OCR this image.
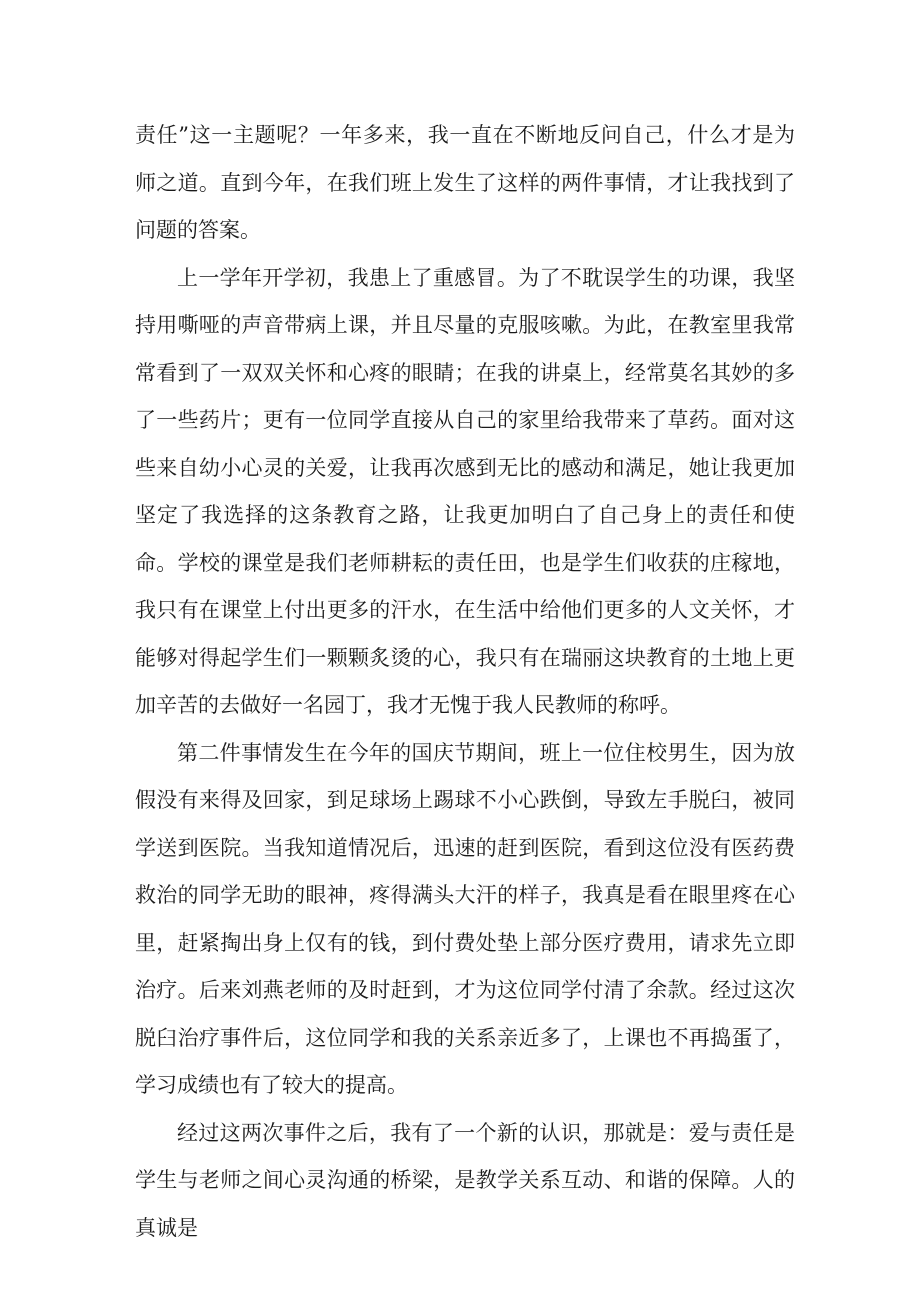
责任”这一主题呢？一年多来，我一直在不断地反问自己，什么才是为师之道。直到今年，在我们班上发生了这样的两件事情，才让我找到了问题的答案。

上一学年开学初，我患上了重感冒。为了不耽误学生的功课，我坚持用嘶哑的声音带病上课，并且尽量的克服咳嗽。为此，在教室里我常常看到了一双双关怀和心疼的眼睛；在我的讲桌上，经常莫名其妙的多了一些药片；更有一位同学直接从自己的家里给我带来了草药。面对这些来自幼小心灵的关爱，让我再次感到无比的感动和满足，她让我更加坚定了我选择的这条教育之路，让我更加明白了自己身上的责任和使命。学校的课堂是我们老师耕耘的责任田，也是学生们收获的庄稼地，我只有在课堂上付出更多的汗水，在生活中给他们更多的人文关怀，才能够对得起学生们一颗颗炙烫的心，我只有在瑞丽这块教育的土地上更加辛苦的去做好一名园丁，我才无愧于我人民教师的称呼。

第二件事情发生在今年的国庆节期间，班上一位住校男生，因为放假没有来得及回家，到足球场上踢球不小心跌倒，导致左手脱臼，被同学送到医院。当我知道情况后，迅速的赶到医院，看到这位没有医药费救治的同学无助的眼神，疼得满头大汗的样子，我真是看在眼里疼在心里，赶紧掏出身上仅有的钱，到付费处垫上部分医疗费用，请求先立即治疗。后来刘燕老师的及时赶到，才为这位同学付清了余款。经过这次脱臼治疗事件后，这位同学和我的关系亲近多了，上课也不再捣蛋了，学习成绩也有了较大的提高。

经过这两次事件之后，我有了一个新的认识，那就是：爱与责任是学生与老师之间心灵沟通的桥梁，是教学关系互动、和谐的保障。人的真诚是
